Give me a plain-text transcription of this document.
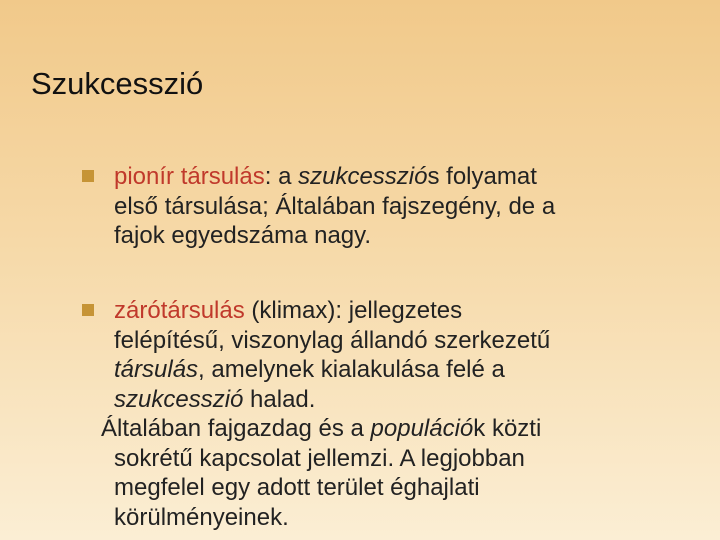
Szukcesszió
pionír társulás: a szukcessziós folyamat
első társulása; Általában fajszegény, de a
fajok egyedszáma nagy.
zárótársulás (klimax): jellegzetes
felépítésű, viszonylag állandó szerkezetű
társulás, amelynek kialakulása felé a
szukcesszió halad.
Általában fajgazdag és a populációk közti
sokrétű kapcsolat jellemzi. A legjobban
megfelel egy adott terület éghajlati
körülményeinek.
